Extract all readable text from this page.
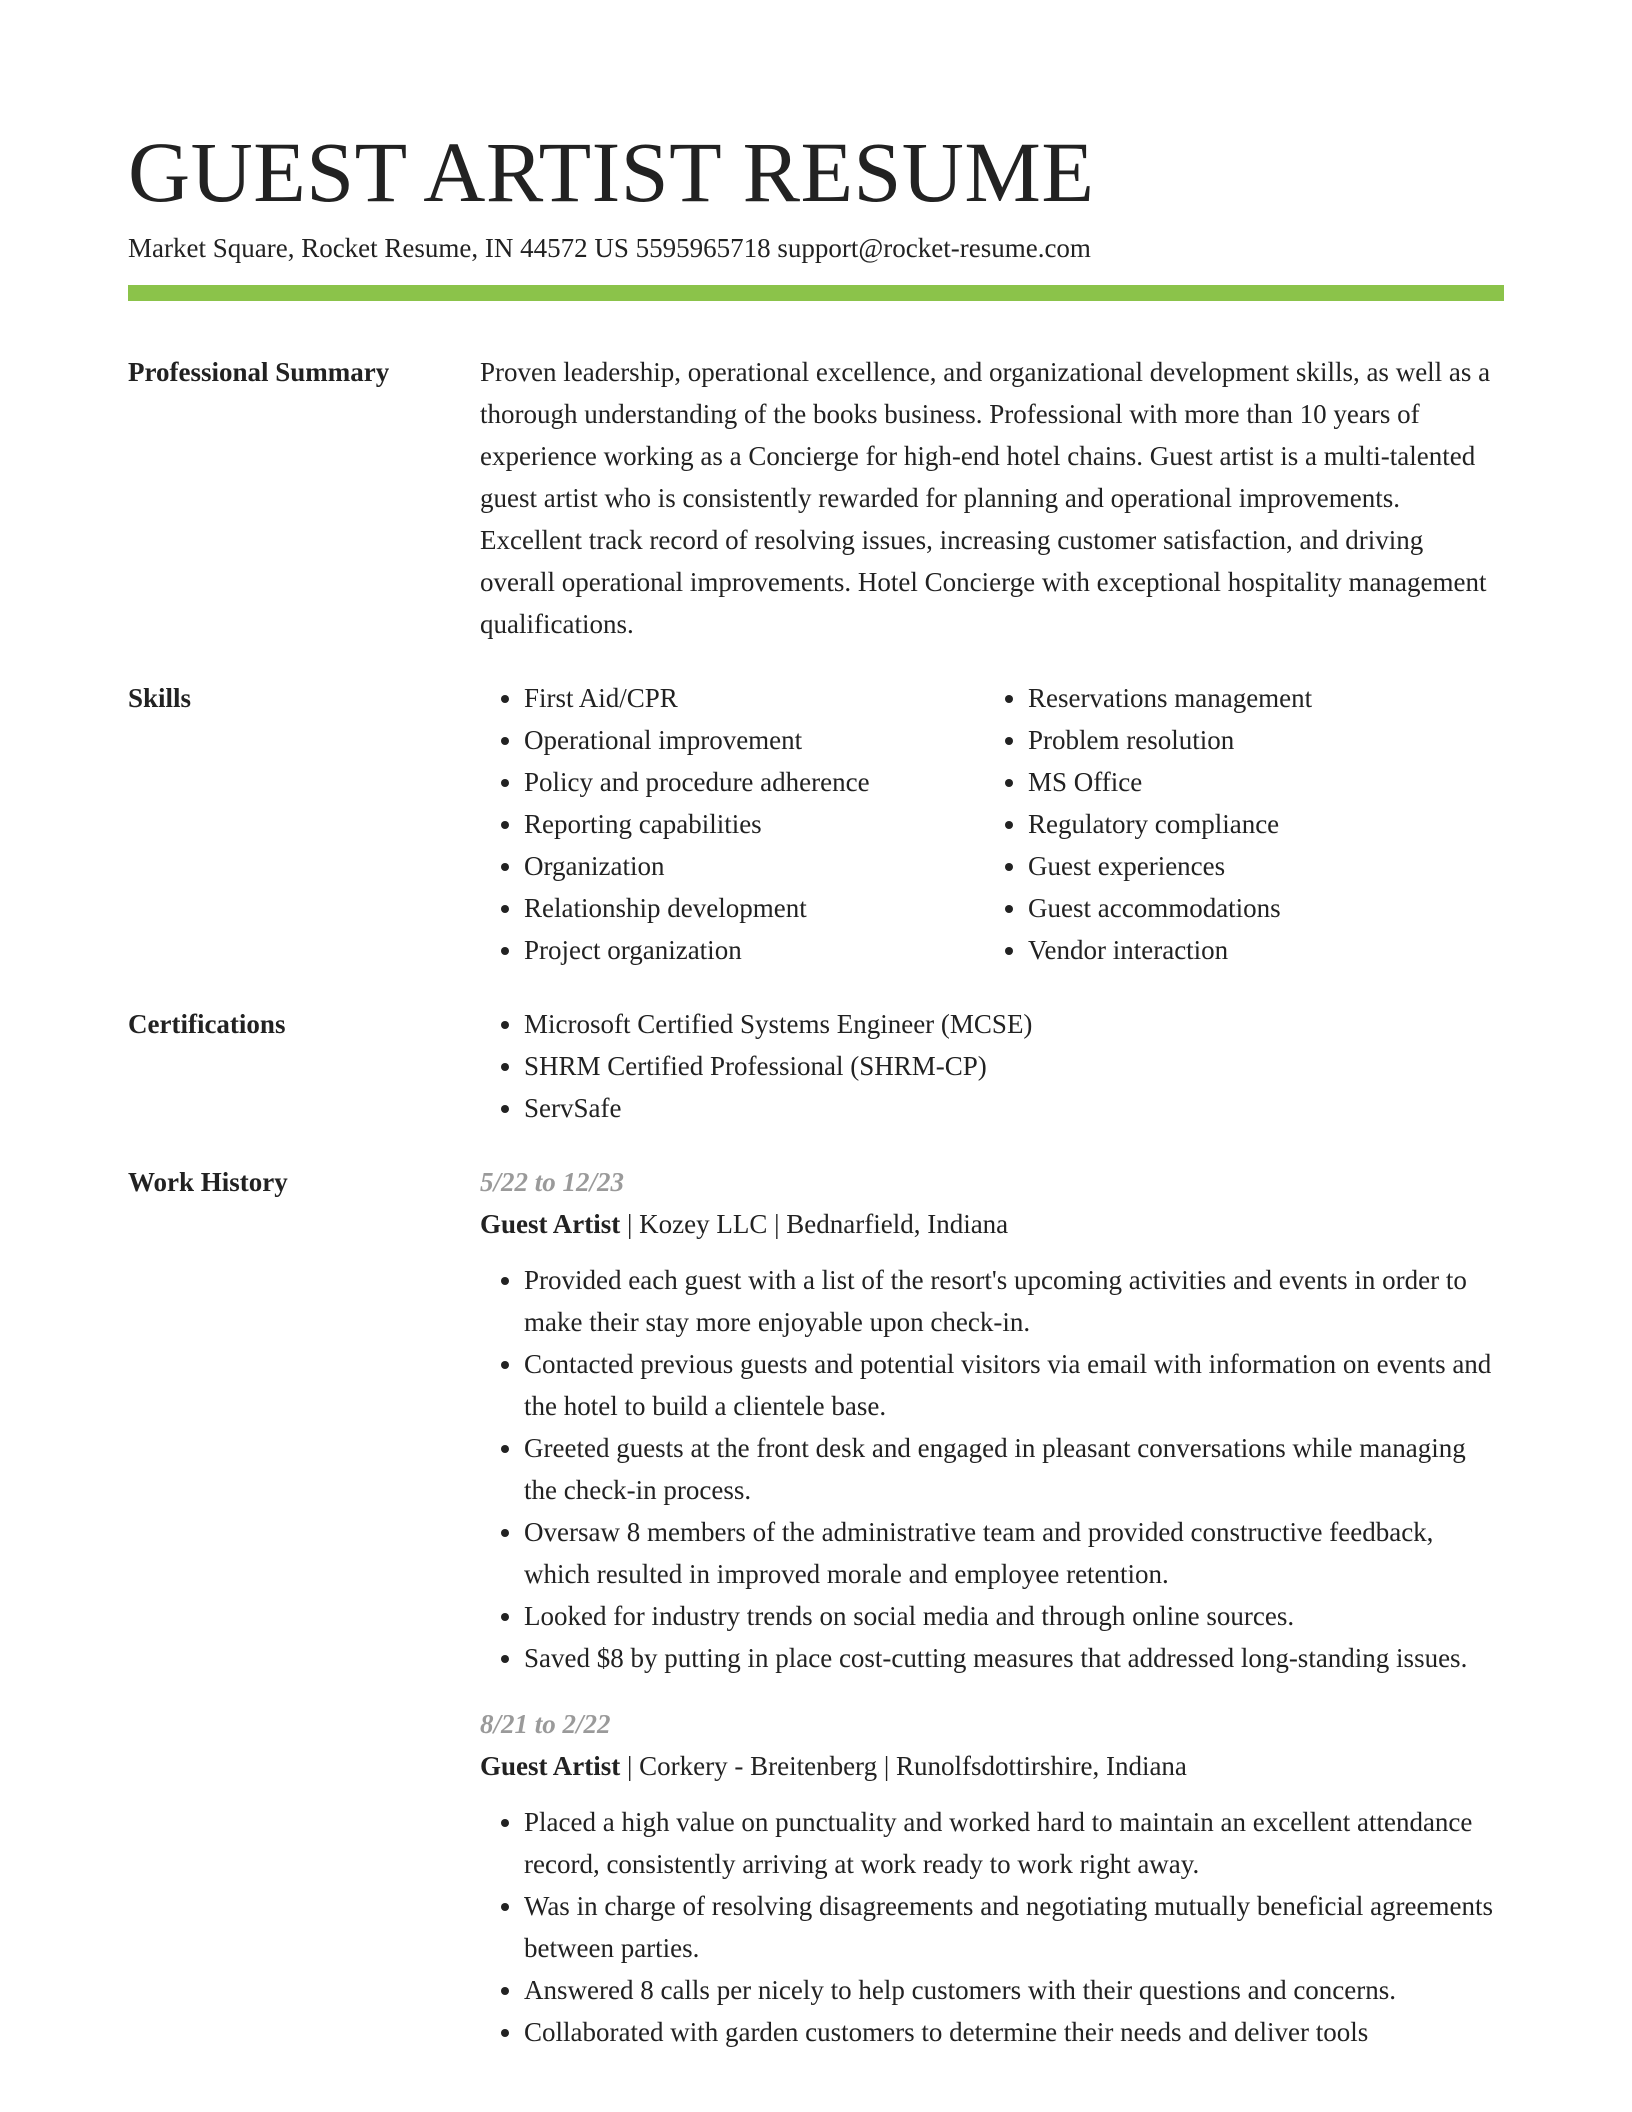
GUEST ARTIST RESUME
Market Square, Rocket Resume, IN 44572 US 5595965718 support@rocket-resume.com
Professional Summary	Proven leadership, operational excellence, and organizational development skills, as well as a thorough understanding of the books business. Professional with more than 10 years of experience working as a Concierge for high-end hotel chains. Guest artist is a multi-talented guest artist who is consistently rewarded for planning and operational improvements. Excellent track record of resolving issues, increasing customer satisfaction, and driving overall operational improvements. Hotel Concierge with exceptional hospitality management qualifications.

Skills	• First Aid/CPR
• Operational improvement
• Policy and procedure adherence
• Reporting capabilities
• Organization
• Relationship development
• Project organization
• Reservations management
• Problem resolution
• MS Office
• Regulatory compliance
• Guest experiences
• Guest accommodations
• Vendor interaction
Certifications	• Microsoft Certified Systems Engineer (MCSE)
• SHRM Certified Professional (SHRM-CP)
• ServSafe
Work History	5/22 to 12/23
Guest Artist | Kozey LLC | Bednarfield, Indiana
• Provided each guest with a list of the resort's upcoming activities and events in order to make their stay more enjoyable upon check-in.
• Contacted previous guests and potential visitors via email with information on events and the hotel to build a clientele base.
• Greeted guests at the front desk and engaged in pleasant conversations while managing the check-in process.
• Oversaw 8 members of the administrative team and provided constructive feedback, which resulted in improved morale and employee retention.
• Looked for industry trends on social media and through online sources.
• Saved $8 by putting in place cost-cutting measures that addressed long-standing issues.
8/21 to 2/22
Guest Artist | Corkery - Breitenberg | Runolfsdottirshire, Indiana
• Placed a high value on punctuality and worked hard to maintain an excellent attendance record, consistently arriving at work ready to work right away.
• Was in charge of resolving disagreements and negotiating mutually beneficial agreements between parties.
• Answered 8 calls per nicely to help customers with their questions and concerns.
• Collaborated with garden customers to determine their needs and deliver tools
